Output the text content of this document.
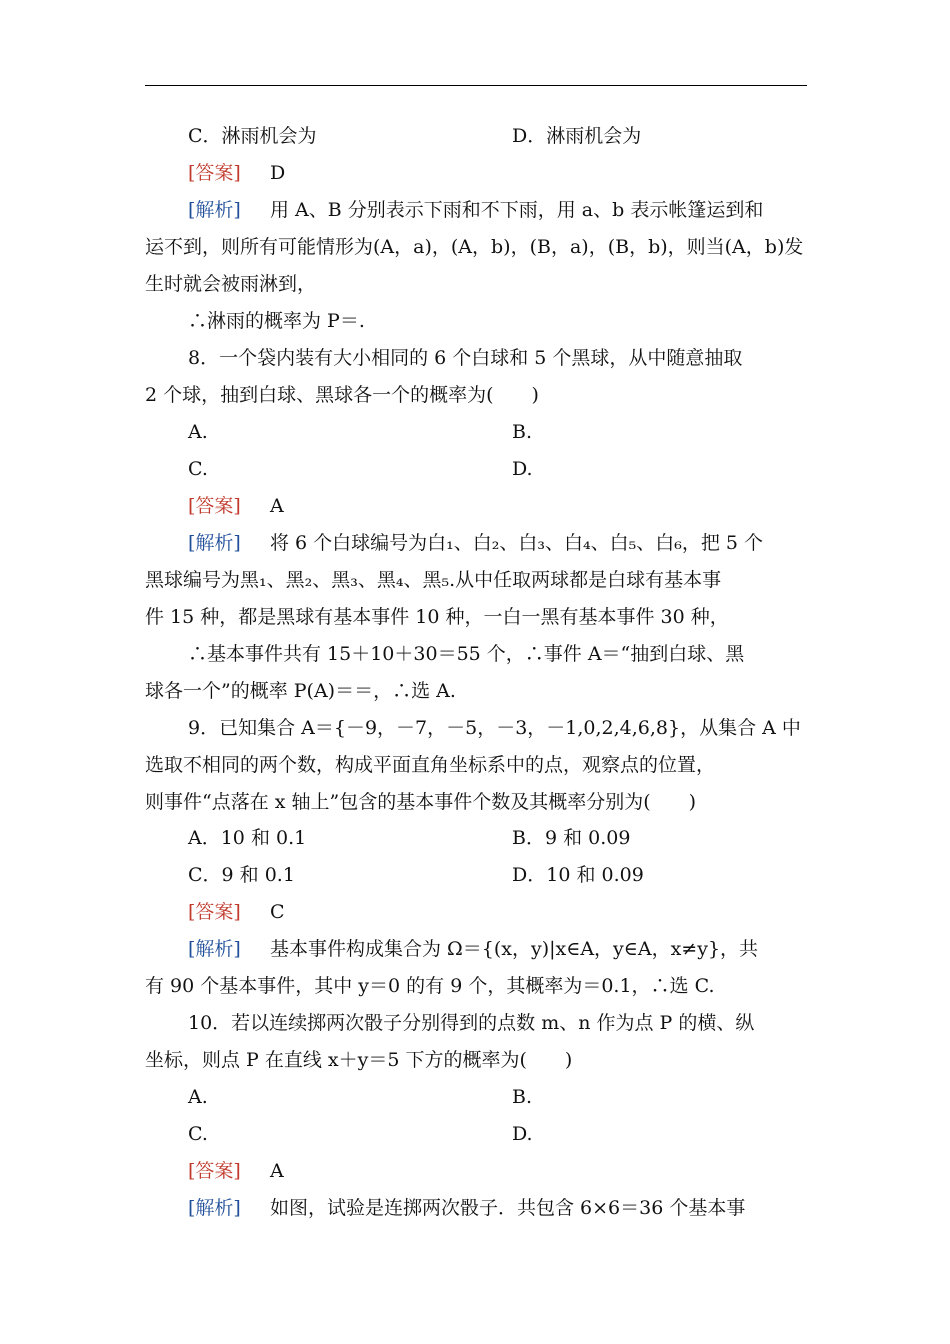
C．淋雨机会为	D．淋雨机会为
[答案] D
[解析] 用 A、B 分别表示下雨和不下雨，用 a、b 表示帐篷运到和
运不到，则所有可能情形为(A，a)，(A，b)，(B，a)，(B，b)，则当(A，b)发
生时就会被雨淋到，
∴淋雨的概率为 P＝.
8．一个袋内装有大小相同的 6 个白球和 5 个黑球，从中随意抽取
2 个球，抽到白球、黑球各一个的概率为(　　)
A.	B.
C.	D.
[答案] A
[解析] 将 6 个白球编号为白₁、白₂、白₃、白₄、白₅、白₆，把 5 个
黑球编号为黑₁、黑₂、黑₃、黑₄、黑₅.从中任取两球都是白球有基本事
件 15 种，都是黑球有基本事件 10 种，一白一黑有基本事件 30 种，
∴基本事件共有 15＋10＋30＝55 个，∴事件 A＝“抽到白球、黑
球各一个”的概率 P(A)＝＝，∴选 A.
9．已知集合 A＝{－9，－7，－5，－3，－1,0,2,4,6,8}，从集合 A 中
选取不相同的两个数，构成平面直角坐标系中的点，观察点的位置，
则事件“点落在 x 轴上”包含的基本事件个数及其概率分别为(　　)
A．10 和 0.1	B．9 和 0.09
C．9 和 0.1	D．10 和 0.09
[答案] C
[解析] 基本事件构成集合为 Ω＝{(x，y)|x∈A，y∈A，x≠y}，共
有 90 个基本事件，其中 y＝0 的有 9 个，其概率为＝0.1，∴选 C.
10．若以连续掷两次骰子分别得到的点数 m、n 作为点 P 的横、纵
坐标，则点 P 在直线 x＋y＝5 下方的概率为(　　)
A.	B.
C.	D.
[答案] A
[解析] 如图，试验是连掷两次骰子．共包含 6×6＝36 个基本事
